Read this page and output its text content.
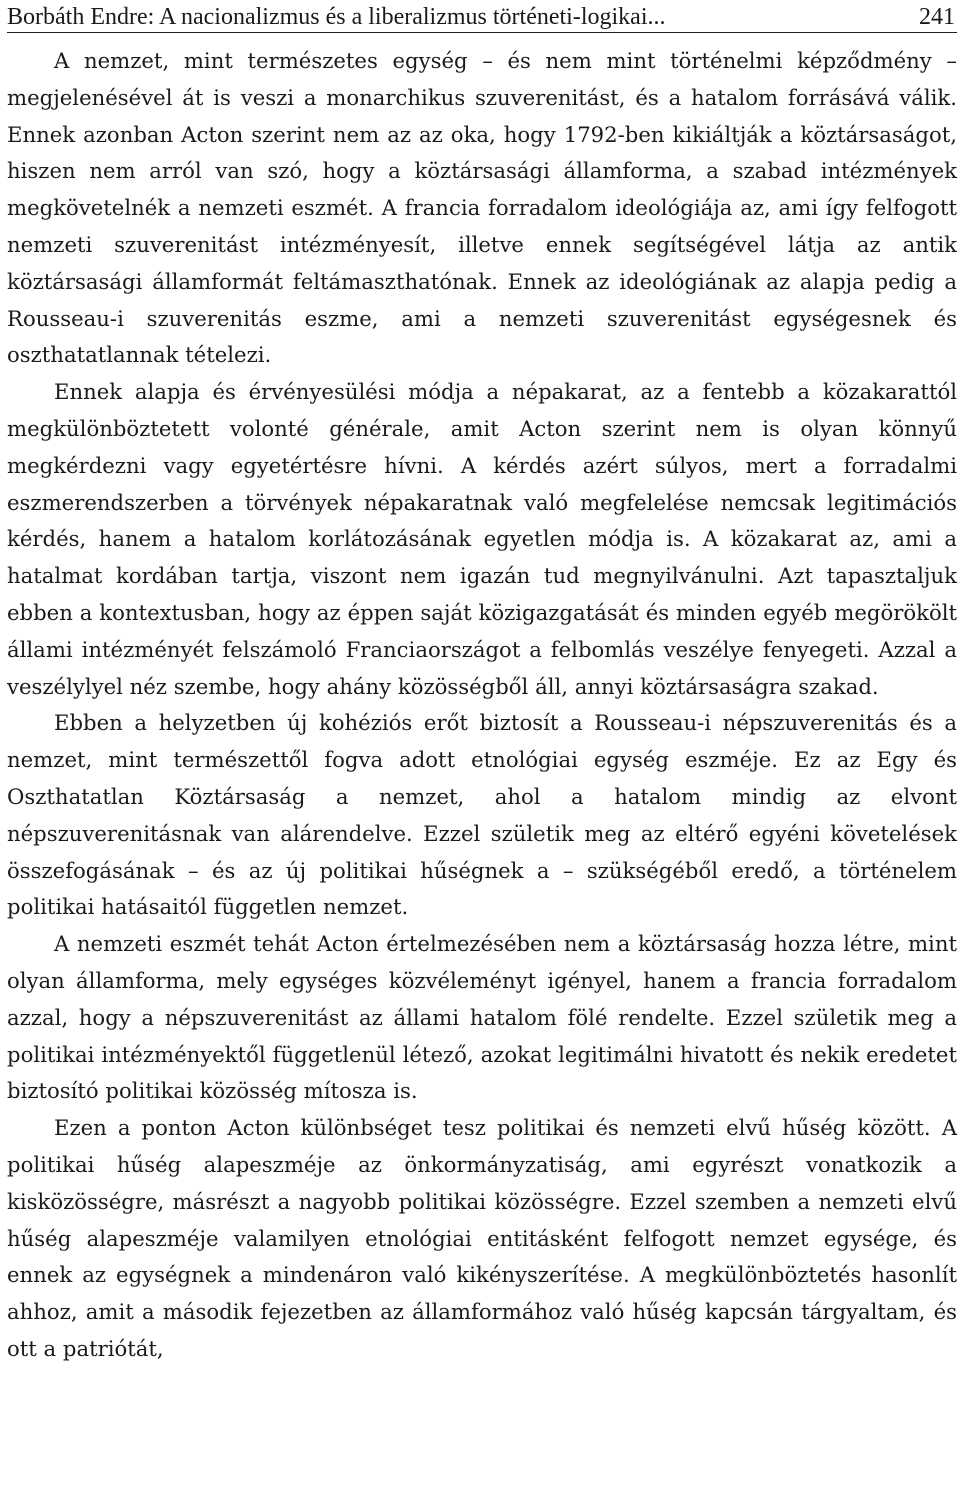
Borbáth Endre: A nacionalizmus és a liberalizmus történeti-logikai...	241

A nemzet, mint természetes egység – és nem mint történelmi képződmény – megjelenésével át is veszi a monarchikus szuverenitást, és a hatalom forrásává válik. Ennek azonban Acton szerint nem az az oka, hogy 1792-ben kikiáltják a köztársaságot, hiszen nem arról van szó, hogy a köztársasági államforma, a szabad intézmények megkövetelnék a nemzeti eszmét. A francia forradalom ideológiája az, ami így felfogott nemzeti szuverenitást intézményesít, illetve ennek segítségével látja az antik köztársasági államformát feltámaszthatónak. Ennek az ideológiának az alapja pedig a Rousseau-i szuverenitás eszme, ami a nemzeti szuverenitást egységesnek és oszthatatlannak tételezi.

Ennek alapja és érvényesülési módja a népakarat, az a fentebb a közakarattól megkülönböztetett volonté générale, amit Acton szerint nem is olyan könnyű megkérdezni vagy egyetértésre hívni. A kérdés azért súlyos, mert a forradalmi eszmerendszerben a törvények népakaratnak való megfelelése nemcsak legitimációs kérdés, hanem a hatalom korlátozásának egyetlen módja is. A közakarat az, ami a hatalmat kordában tartja, viszont nem igazán tud megnyilvánulni. Azt tapasztaljuk ebben a kontextusban, hogy az éppen saját közigazgatását és minden egyéb megörökölt állami intézményét felszámoló Franciaországot a felbomlás veszélye fenyegeti. Azzal a veszélylyel néz szembe, hogy ahány közösségből áll, annyi köztársaságra szakad.

Ebben a helyzetben új kohéziós erőt biztosít a Rousseau-i népszuverenitás és a nemzet, mint természettől fogva adott etnológiai egység eszméje. Ez az Egy és Oszthatatlan Köztársaság a nemzet, ahol a hatalom mindig az elvont népszuverenitásnak van alárendelve. Ezzel születik meg az eltérő egyéni követelések összefogásának – és az új politikai hűségnek a – szükségéből eredő, a történelem politikai hatásaitól független nemzet.

A nemzeti eszmét tehát Acton értelmezésében nem a köztársaság hozza létre, mint olyan államforma, mely egységes közvéleményt igényel, hanem a francia forradalom azzal, hogy a népszuverenitást az állami hatalom fölé rendelte. Ezzel születik meg a politikai intézményektől függetlenül létező, azokat legitimálni hivatott és nekik eredetet biztosító politikai közösség mítosza is.

Ezen a ponton Acton különbséget tesz politikai és nemzeti elvű hűség között. A politikai hűség alapeszméje az önkormányzatiság, ami egyrészt vonatkozik a kisközösségre, másrészt a nagyobb politikai közösségre. Ezzel szemben a nemzeti elvű hűség alapeszméje valamilyen etnológiai entitásként felfogott nemzet egysége, és ennek az egységnek a mindenáron való kikényszerítése. A megkülönböztetés hasonlít ahhoz, amit a második fejezetben az államformához való hűség kapcsán tárgyaltam, és ott a patriótát,
